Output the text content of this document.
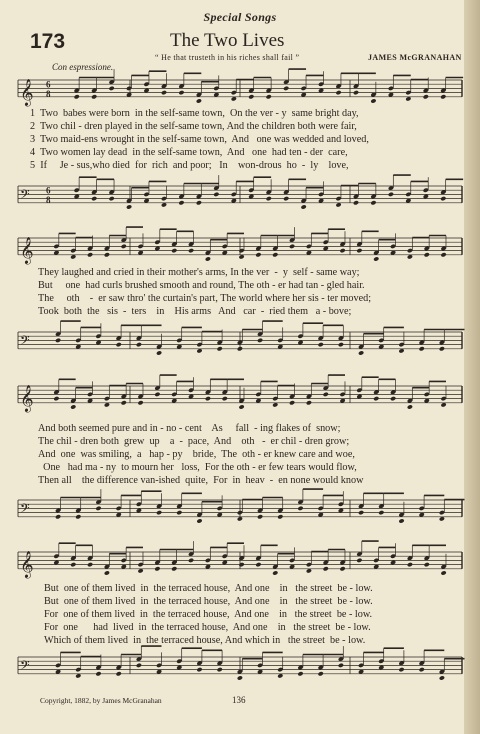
Special Songs
173	The Two Lives
“ He that trusteth in his riches shall fail ”	JAMES McGRANAHAN
Con espressione.
𝄞 6
8
1  Two  babes were born  in the self-same town,  On the ver - y  same bright day,
2  Two chil - dren played in the self-same town, And the children both were fair,
3  Two maid-ens wrought in the self-same town,  And   one was wedded and loved,
4  Two women lay dead  in the self-same town,  And   one  had ten - der  care,
5  If     Je - sus,who died  for  rich  and poor;   In    won-drous  ho  -  ly    love,
𝄢 6
8
𝄞
They laughed and cried in their mother's arms, In the ver  -  y  self - same way;
But     one  had curls brushed smooth and round, The oth - er had tan - gled hair.
The     oth    -  er saw thro' the curtain's part, The world where her sis - ter moved;
Took  both  the   sis  -  ters    in    His arms   And   car  -  ried them   a - bove;
𝄢
𝄞
And both seemed pure and in - no - cent    As     fall  - ing flakes of  snow;
The chil - dren both  grew  up    a  -  pace,  And    oth   -  er chil - dren grow;
And  one  was smiling,  a   hap - py    bride,  The  oth - er knew care and woe,
One   had ma - ny  to mourn her   loss,  For the oth - er few tears would flow,
Then all    the difference van-ished  quite,  For  in  heav  -  en none would know
𝄢
𝄞
But  one of them lived  in  the terraced house,  And one    in   the street  be - low.
But  one of them lived  in  the terraced house,  And one    in   the street  be - low.
For  one of them lived  in  the terraced house,  And one    in   the street  be - low.
For  one      had  lived  in  the terraced house,  And one    in   the street  be - low.
Which of them lived  in  the terraced house, And which in   the street  be - low.
𝄢
Copyright, 1882, by James McGranahan	136
